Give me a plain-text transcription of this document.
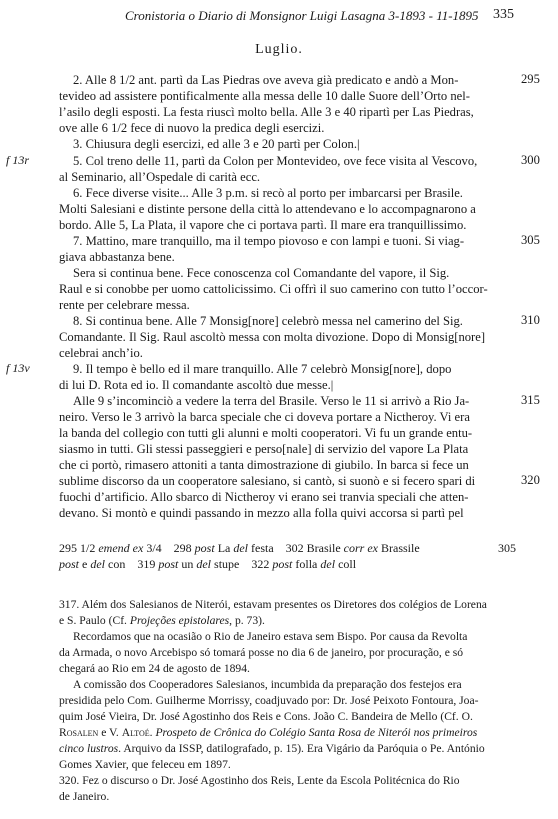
Cronistoria o Diario di Monsignor Luigi Lasagna 3-1893 - 11-1895 335
Luglio.
2. Alle 8 1/2 ant. partì da Las Piedras ove aveva già predicato e andò a Mon-
tevideo ad assistere pontificalmente alla messa delle 10 dalle Suore dell’Orto nel-
l’asilo degli esposti. La festa riuscì molto bella. Alle 3 e 40 ripartì per Las Piedras,
ove alle 6 1/2 fece di nuovo la predica degli esercizi.
3. Chiusura degli esercizi, ed alle 3 e 20 partì per Colon.|
5. Col treno delle 11, partì da Colon per Montevideo, ove fece visita al Vescovo,
al Seminario, all’Ospedale di carità ecc.
6. Fece diverse visite... Alle 3 p.m. si recò al porto per imbarcarsi per Brasile.
Molti Salesiani e distinte persone della città lo attendevano e lo accompagnarono a
bordo. Alle 5, La Plata, il vapore che ci portava partì. Il mare era tranquillissimo.
7. Mattino, mare tranquillo, ma il tempo piovoso e con lampi e tuoni. Si viag-
giava abbastanza bene.
Sera si continua bene. Fece conoscenza col Comandante del vapore, il Sig.
Raul e si conobbe per uomo cattolicissimo. Ci offrì il suo camerino con tutto l’occor-
rente per celebrare messa.
8. Si continua bene. Alle 7 Monsig[nore] celebrò messa nel camerino del Sig.
Comandante. Il Sig. Raul ascoltò messa con molta divozione. Dopo di Monsig[nore]
celebrai anch’io.
9. Il tempo è bello ed il mare tranquillo. Alle 7 celebrò Monsig[nore], dopo
di lui D. Rota ed io. Il comandante ascoltò due messe.|
Alle 9 s’incominciò a vedere la terra del Brasile. Verso le 11 si arrivò a Rio Ja-
neiro. Verso le 3 arrivò la barca speciale che ci doveva portare a Nictheroy. Vi era
la banda del collegio con tutti gli alunni e molti cooperatori. Vi fu un grande entu-
siasmo in tutti. Gli stessi passeggieri e perso[nale] di servizio del vapore La Plata
che ci portò, rimasero attoniti a tanta dimostrazione di giubilo. In barca si fece un
sublime discorso da un cooperatore salesiano, si cantò, si suonò e si fecero spari di
fuochi d’artificio. Allo sbarco di Nictheroy vi erano sei tranvia speciali che atten-
devano. Si montò e quindi passando in mezzo alla folla quivi accorsa si partì pel
f 13r
f 13v
295
300
305
310
315
320
295 1/2 emend ex 3/4 298 post La del festa 302 Brasile corr ex Brassile	305
post e del con 319 post un del stupe 322 post folla del coll
317. Além dos Salesianos de Niterói, estavam presentes os Diretores dos colégios de Lorena
e S. Paulo (Cf. Projeções epistolares, p. 73).
Recordamos que na ocasião o Rio de Janeiro estava sem Bispo. Por causa da Revolta
da Armada, o novo Arcebispo só tomará posse no dia 6 de janeiro, por procuração, e só
chegará ao Rio em 24 de agosto de 1894.
A comissão dos Cooperadores Salesianos, incumbida da preparação dos festejos era
presidida pelo Com. Guilherme Morrissy, coadjuvado por: Dr. José Peixoto Fontoura, Joa-
quim José Vieira, Dr. José Agostinho dos Reis e Cons. João C. Bandeira de Mello (Cf. O.
Rosalen e V. Altoé. Prospeto de Crônica do Colégio Santa Rosa de Niterói nos primeiros
cinco lustros. Arquivo da ISSP, datilografado, p. 15). Era Vigário da Paróquia o Pe. António
Gomes Xavier, que feleceu em 1897.
320. Fez o discurso o Dr. José Agostinho dos Reis, Lente da Escola Politécnica do Rio
de Janeiro.
